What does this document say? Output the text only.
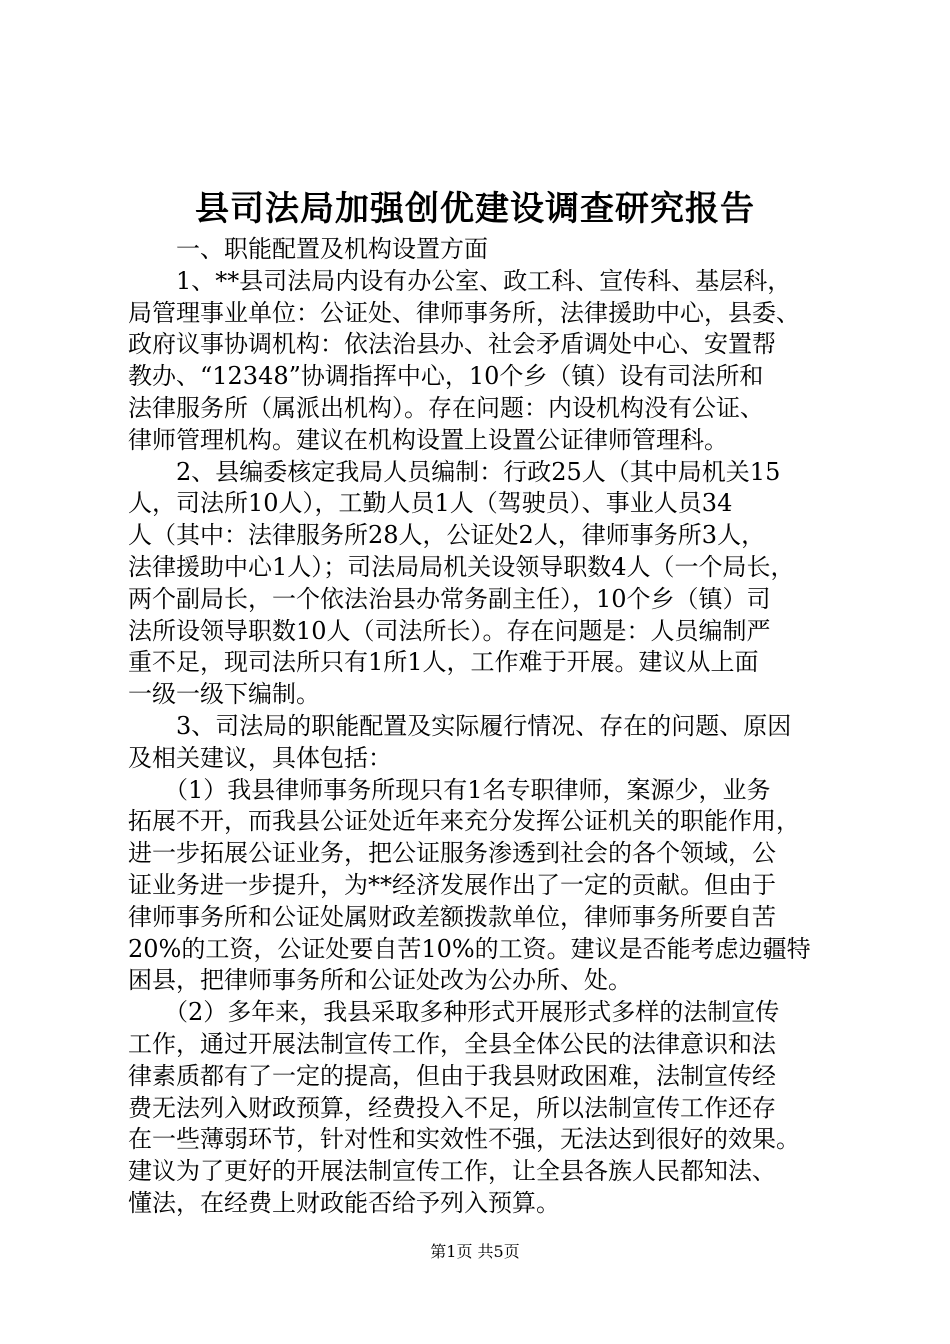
县司法局加强创优建设调查研究报告
　　一、职能配置及机构设置方面
　　1、**县司法局内设有办公室、政工科、宣传科、基层科，
局管理事业单位：公证处、律师事务所，法律援助中心，县委、
政府议事协调机构：依法治县办、社会矛盾调处中心、安置帮
教办、“12348”协调指挥中心，10个乡（镇）设有司法所和
法律服务所（属派出机构）。存在问题：内设机构没有公证、
律师管理机构。建议在机构设置上设置公证律师管理科。
　　2、县编委核定我局人员编制：行政25人（其中局机关15
人，司法所10人），工勤人员1人（驾驶员）、事业人员34
人（其中：法律服务所28人，公证处2人，律师事务所3人，
法律援助中心1人）；司法局局机关设领导职数4人（一个局长，
两个副局长，一个依法治县办常务副主任），10个乡（镇）司
法所设领导职数10人（司法所长）。存在问题是：人员编制严
重不足，现司法所只有1所1人，工作难于开展。建议从上面
一级一级下编制。
　　3、司法局的职能配置及实际履行情况、存在的问题、原因
及相关建议，具体包括：
　　（1）我县律师事务所现只有1名专职律师，案源少，业务
拓展不开，而我县公证处近年来充分发挥公证机关的职能作用，
进一步拓展公证业务，把公证服务渗透到社会的各个领域，公
证业务进一步提升，为**经济发展作出了一定的贡献。但由于
律师事务所和公证处属财政差额拨款单位，律师事务所要自苦
20%的工资，公证处要自苦10%的工资。建议是否能考虑边疆特
困县，把律师事务所和公证处改为公办所、处。
　　（2）多年来，我县采取多种形式开展形式多样的法制宣传
工作，通过开展法制宣传工作，全县全体公民的法律意识和法
律素质都有了一定的提高，但由于我县财政困难，法制宣传经
费无法列入财政预算，经费投入不足，所以法制宣传工作还存
在一些薄弱环节，针对性和实效性不强，无法达到很好的效果。
建议为了更好的开展法制宣传工作，让全县各族人民都知法、
懂法，在经费上财政能否给予列入预算。
第1页 共5页
